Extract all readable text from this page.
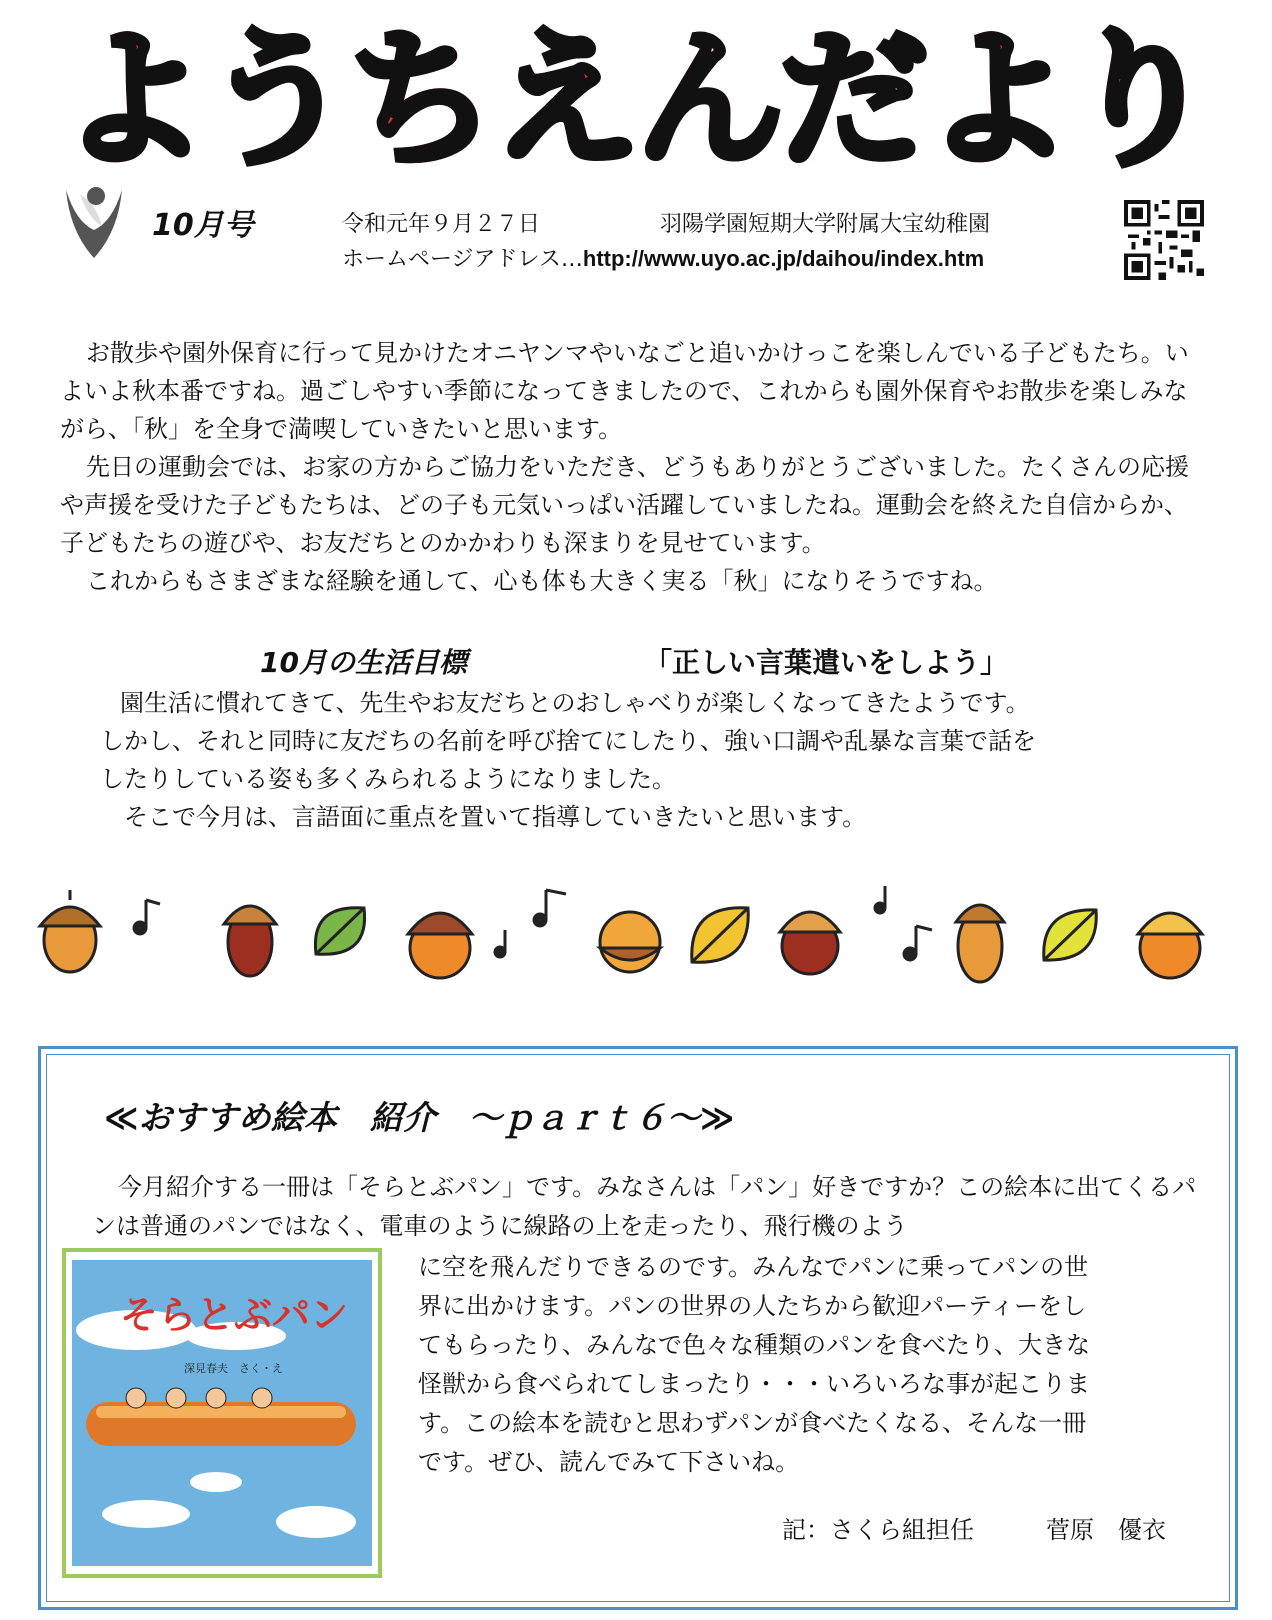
ようちえんだより
10月号	令和元年９月２７日	羽陽学園短期大学附属大宝幼稚園
ホームページアドレス…http://www.uyo.ac.jp/daihou/index.htm

お散歩や園外保育に行って見かけたオニヤンマやいなごと追いかけっこを楽しんでいる子どもたち。いよいよ秋本番ですね。過ごしやすい季節になってきましたので、これからも園外保育やお散歩を楽しみながら、「秋」を全身で満喫していきたいと思います。

先日の運動会では、お家の方からご協力をいただき、どうもありがとうございました。たくさんの応援や声援を受けた子どもたちは、どの子も元気いっぱい活躍していましたね。運動会を終えた自信からか、子どもたちの遊びや、お友だちとのかかわりも深まりを見せています。

これからもさまざまな経験を通して、心も体も大きく実る「秋」になりそうですね。

10月の生活目標	「正しい言葉遣いをしよう」

園生活に慣れてきて、先生やお友だちとのおしゃべりが楽しくなってきたようです。

しかし、それと同時に友だちの名前を呼び捨てにしたり、強い口調や乱暴な言葉で話を

したりしている姿も多くみられるようになりました。

　そこで今月は、言語面に重点を置いて指導していきたいと思います。

≪おすすめ絵本　紹介　～ｐａｒｔ６～≫

今月紹介する一冊は「そらとぶパン」です。みなさんは「パン」好きですか？この絵本に出てくるパンは普通のパンではなく、電車のように線路の上を走ったり、飛行機のよう

そらとぶパン
深見春夫　さく・え

に空を飛んだりできるのです。みんなでパンに乗ってパンの世

界に出かけます。パンの世界の人たちから歓迎パーティーをし

てもらったり、みんなで色々な種類のパンを食べたり、大きな

怪獣から食べられてしまったり・・・いろいろな事が起こりま

す。この絵本を読むと思わずパンが食べたくなる、そんな一冊

です。ぜひ、読んでみて下さいね。

記：さくら組担任　　　菅原　優衣
